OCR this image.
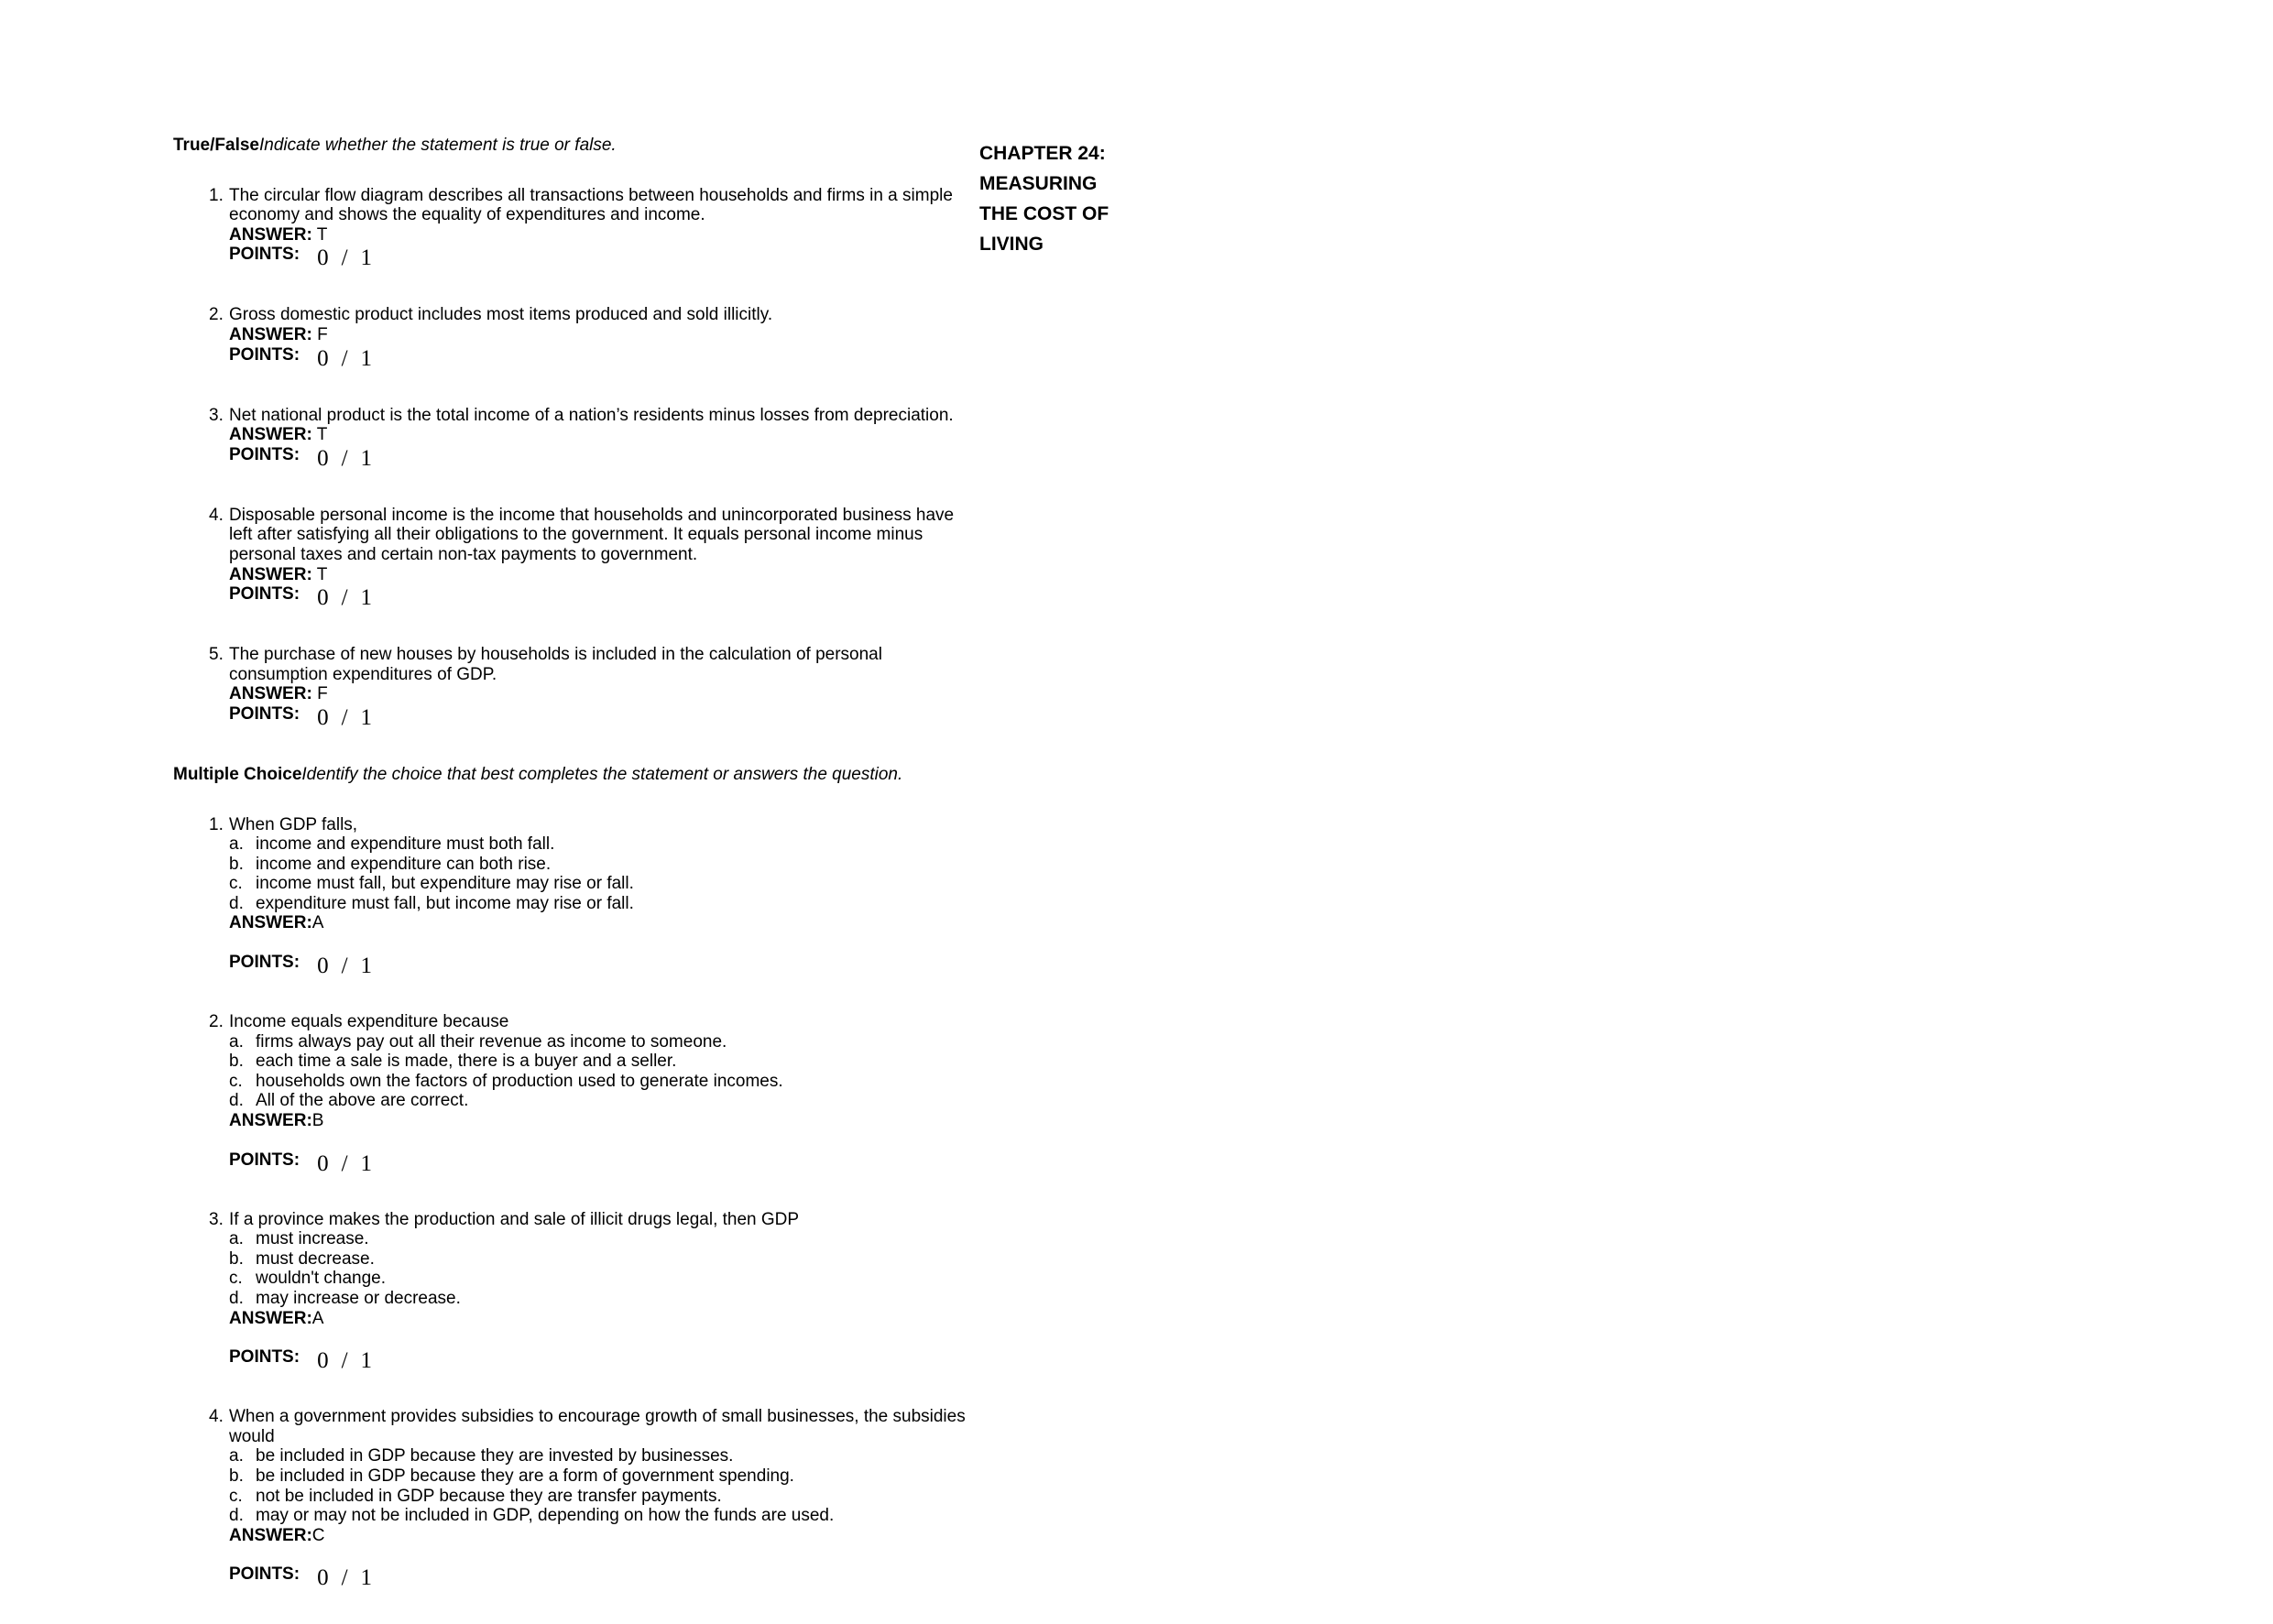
True/FalseIndicate whether the statement is true or false.
1. The circular flow diagram describes all transactions between households and firms in a simple economy and shows the equality of expenditures and income.
ANSWER: T
POINTS: 0 / 1
2. Gross domestic product includes most items produced and sold illicitly.
ANSWER: F
POINTS: 0 / 1
3. Net national product is the total income of a nation’s residents minus losses from depreciation.
ANSWER: T
POINTS: 0 / 1
4. Disposable personal income is the income that households and unincorporated business have left after satisfying all their obligations to the government. It equals personal income minus personal taxes and certain non-tax payments to government.
ANSWER: T
POINTS: 0 / 1
5. The purchase of new houses by households is included in the calculation of personal consumption expenditures of GDP.
ANSWER: F
POINTS: 0 / 1
Multiple ChoiceIdentify the choice that best completes the statement or answers the question.
1. When GDP falls,
a. income and expenditure must both fall.
b. income and expenditure can both rise.
c. income must fall, but expenditure may rise or fall.
d. expenditure must fall, but income may rise or fall.
ANSWER:A
POINTS: 0 / 1
2. Income equals expenditure because
a. firms always pay out all their revenue as income to someone.
b. each time a sale is made, there is a buyer and a seller.
c. households own the factors of production used to generate incomes.
d. All of the above are correct.
ANSWER:B
POINTS: 0 / 1
3. If a province makes the production and sale of illicit drugs legal, then GDP
a. must increase.
b. must decrease.
c. wouldn't change.
d. may increase or decrease.
ANSWER:A
POINTS: 0 / 1
4. When a government provides subsidies to encourage growth of small businesses, the subsidies would
a. be included in GDP because they are invested by businesses.
b. be included in GDP because they are a form of government spending.
c. not be included in GDP because they are transfer payments.
d. may or may not be included in GDP, depending on how the funds are used.
ANSWER:C
POINTS: 0 / 1
CHAPTER 24:
MEASURING
THE COST OF
LIVING
